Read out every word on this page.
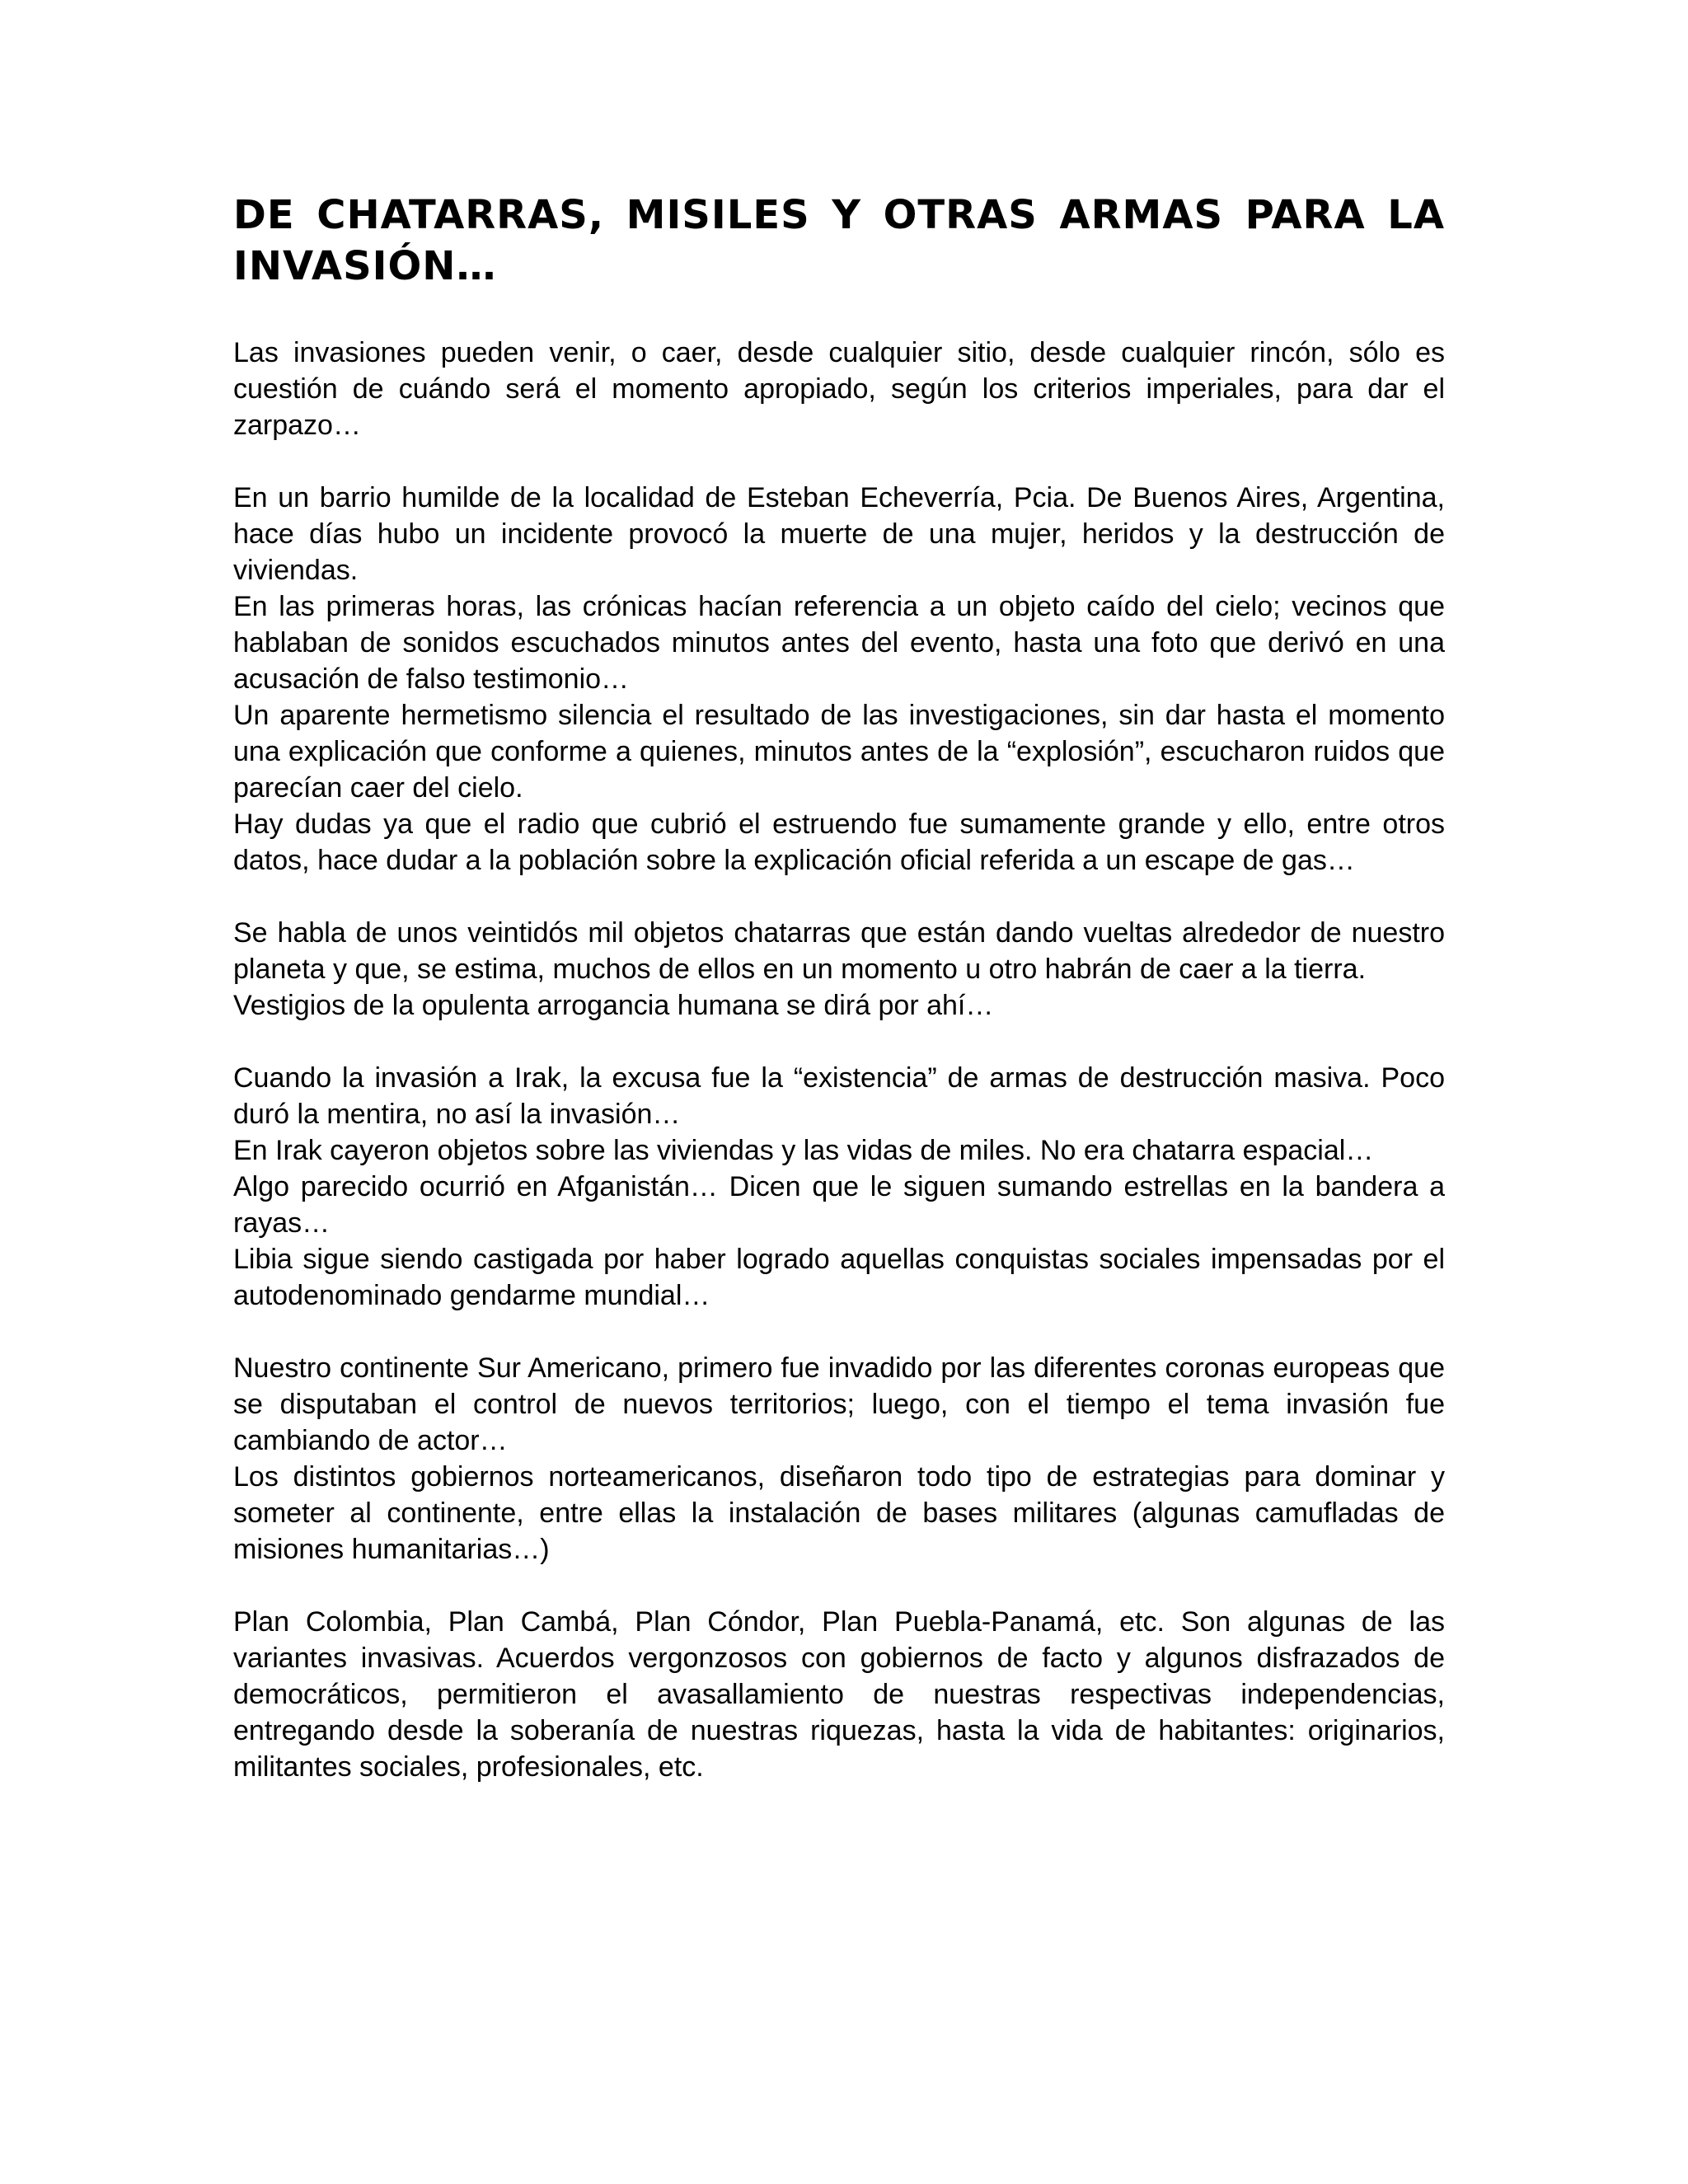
DE CHATARRAS, MISILES Y OTRAS ARMAS PARA LA INVASIÓN…

Las invasiones pueden venir, o caer, desde cualquier sitio, desde cualquier rincón, sólo es cuestión de cuándo será el momento apropiado, según los criterios imperiales, para dar el zarpazo…

En un barrio humilde de la localidad de Esteban Echeverría, Pcia. De Buenos Aires, Argentina, hace días hubo un incidente provocó la muerte de una mujer, heridos y la destrucción de viviendas.

En las primeras horas, las crónicas hacían referencia a un objeto caído del cielo; vecinos que hablaban de sonidos escuchados minutos antes del evento, hasta una foto que derivó en una acusación de falso testimonio…

Un aparente hermetismo silencia el resultado de las investigaciones, sin dar hasta el momento una explicación que conforme a quienes, minutos antes de la “explosión”, escucharon ruidos que parecían caer del cielo.

Hay dudas ya que el radio que cubrió el estruendo fue sumamente grande y ello, entre otros datos, hace dudar a la población sobre la explicación oficial referida a un escape de gas…

Se habla de unos veintidós mil objetos chatarras que están dando vueltas alrededor de nuestro planeta y que, se estima, muchos de ellos en un momento u otro habrán de caer a la tierra.

Vestigios de la opulenta arrogancia humana se dirá por ahí…

Cuando la invasión a Irak, la excusa fue la “existencia” de armas de destrucción masiva. Poco duró la mentira, no así la invasión…

En Irak cayeron objetos sobre las viviendas y las vidas de miles. No era chatarra espacial…

Algo parecido ocurrió en Afganistán… Dicen que le siguen sumando estrellas en la bandera a rayas…

Libia sigue siendo castigada por haber logrado aquellas conquistas sociales impensadas por el autodenominado gendarme mundial…

Nuestro continente Sur Americano, primero fue invadido por las diferentes coronas europeas que se disputaban el control de nuevos territorios; luego, con el tiempo el tema invasión fue cambiando de actor…

Los distintos gobiernos norteamericanos, diseñaron todo tipo de estrategias para dominar y someter al continente, entre ellas la instalación de bases militares (algunas camufladas de misiones humanitarias…)

Plan Colombia, Plan Cambá, Plan Cóndor, Plan Puebla-Panamá, etc. Son algunas de las variantes invasivas. Acuerdos vergonzosos con gobiernos de facto y algunos disfrazados de democráticos, permitieron el avasallamiento de nuestras respectivas independencias, entregando desde la soberanía de nuestras riquezas, hasta la vida de habitantes: originarios, militantes sociales, profesionales, etc.
